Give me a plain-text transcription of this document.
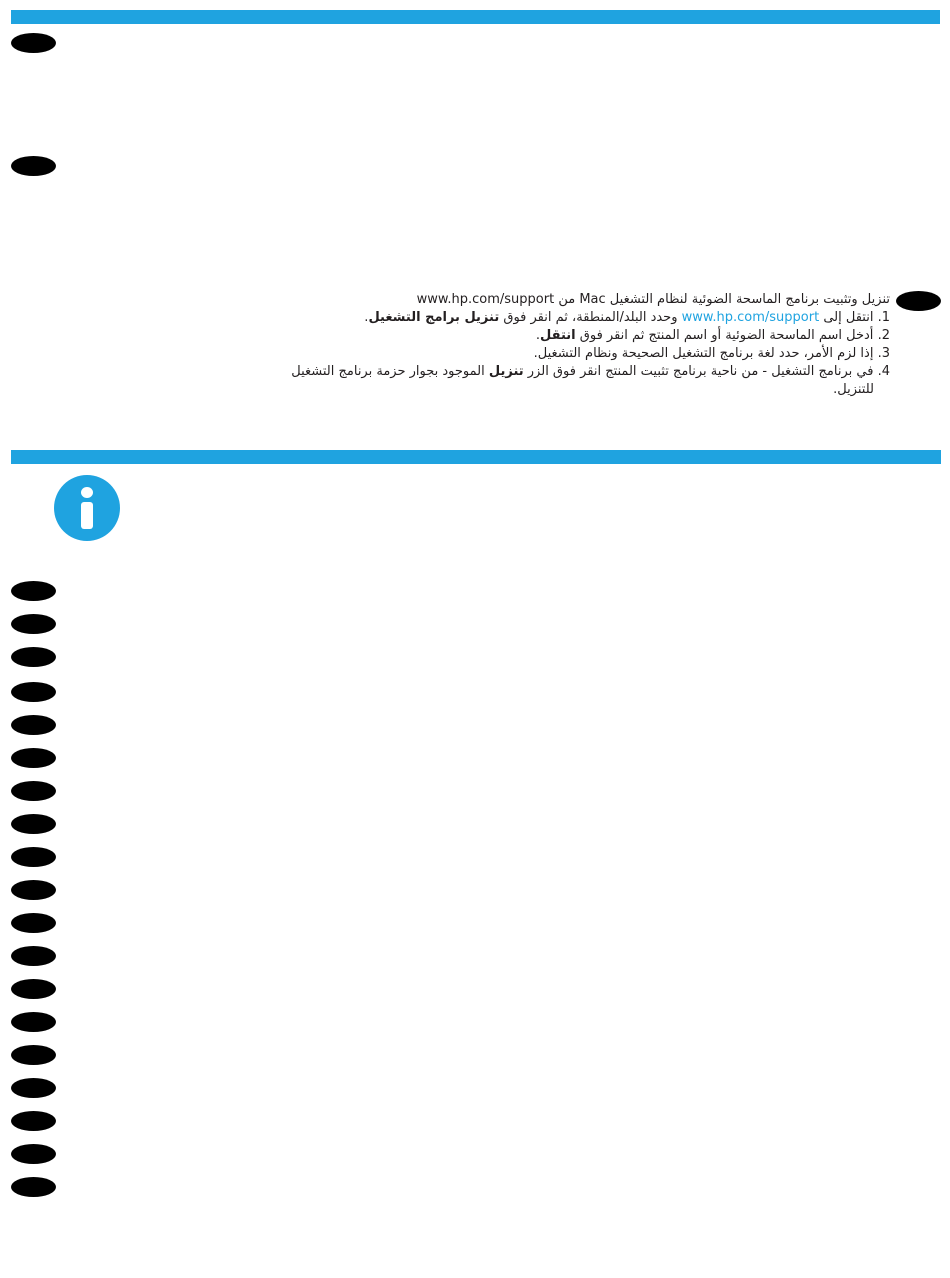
تنزيل وتثبيت برنامج الماسحة الضوئية لنظام التشغيل Mac من www.hp.com/support
1. انتقل إلى www.hp.com/support وحدد البلد/المنطقة، ثم انقر فوق تنزيل برامج التشغيل.
2. أدخل اسم الماسحة الضوئية أو اسم المنتج ثم انقر فوق انتقل.
3. إذا لزم الأمر، حدد لغة برنامج التشغيل الصحيحة ونظام التشغيل.
4. في برنامج التشغيل - من ناحية برنامج تثبيت المنتج انقر فوق الزر تنزيل الموجود بجوار حزمة برنامج التشغيل للتنزيل.
